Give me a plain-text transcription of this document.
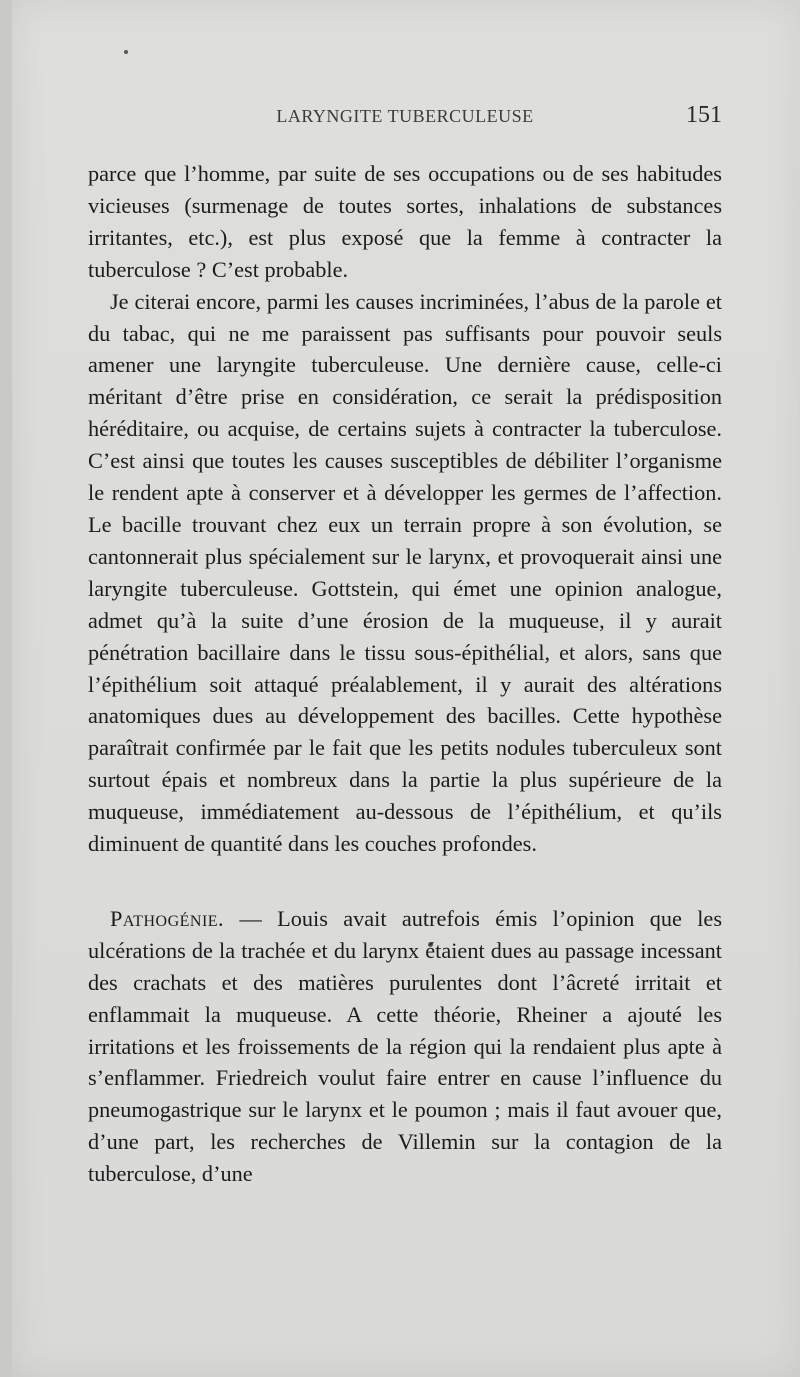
LARYNGITE TUBERCULEUSE	151

parce que l’homme, par suite de ses occupations ou de ses habitudes vicieuses (surmenage de toutes sortes, inhalations de substances irritantes, etc.), est plus exposé que la femme à contracter la tuberculose ? C’est probable.

Je citerai encore, parmi les causes incriminées, l’abus de la parole et du tabac, qui ne me paraissent pas suffisants pour pouvoir seuls amener une laryngite tuberculeuse. Une dernière cause, celle-ci méritant d’être prise en considération, ce serait la prédisposition héréditaire, ou acquise, de certains sujets à contracter la tuberculose. C’est ainsi que toutes les causes susceptibles de débiliter l’organisme le rendent apte à conserver et à développer les germes de l’affection. Le bacille trouvant chez eux un terrain propre à son évolution, se cantonnerait plus spécialement sur le larynx, et provoquerait ainsi une laryngite tuberculeuse. Gottstein, qui émet une opinion analogue, admet qu’à la suite d’une érosion de la muqueuse, il y aurait pénétration bacillaire dans le tissu sous-épithélial, et alors, sans que l’épithélium soit attaqué préalablement, il y aurait des altérations anatomiques dues au développement des bacilles. Cette hypothèse paraîtrait confirmée par le fait que les petits nodules tuberculeux sont surtout épais et nombreux dans la partie la plus supérieure de la muqueuse, immédiatement au-dessous de l’épithélium, et qu’ils diminuent de quantité dans les couches profondes.

Pathogénie. — Louis avait autrefois émis l’opinion que les ulcérations de la trachée et du larynx étaient dues au passage incessant des crachats et des matières purulentes dont l’âcreté irritait et enflammait la muqueuse. A cette théorie, Rheiner a ajouté les irritations et les froissements de la région qui la rendaient plus apte à s’enflammer. Friedreich voulut faire entrer en cause l’influence du pneumogastrique sur le larynx et le poumon ; mais il faut avouer que, d’une part, les recherches de Villemin sur la contagion de la tuberculose, d’une
